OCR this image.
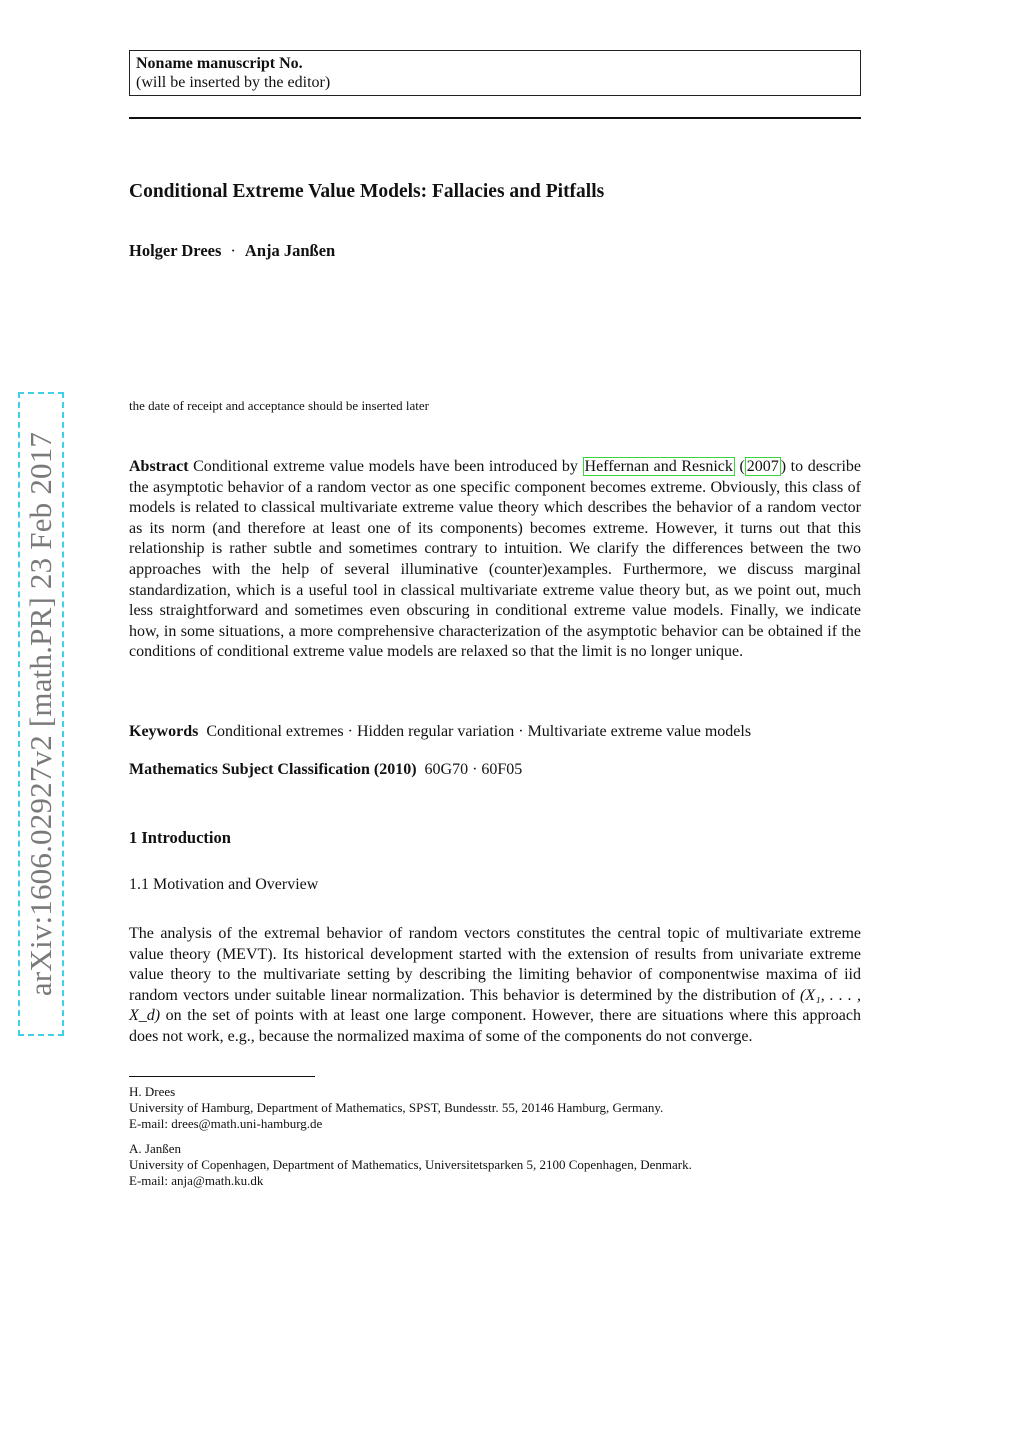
arXiv:1606.02927v2 [math.PR] 23 Feb 2017
Noname manuscript No.
(will be inserted by the editor)
Conditional Extreme Value Models: Fallacies and Pitfalls
Holger Drees · Anja Janßen
the date of receipt and acceptance should be inserted later
Abstract Conditional extreme value models have been introduced by Heffernan and Resnick ( 2007 ) to describe the asymptotic behavior of a random vector as one specific component becomes extreme. Obviously, this class of models is related to classical multivariate extreme value theory which describes the behavior of a random vector as its norm (and therefore at least one of its components) becomes extreme. However, it turns out that this relationship is rather subtle and sometimes contrary to intuition. We clarify the differences between the two approaches with the help of several illuminative (counter)examples. Furthermore, we discuss marginal standardization, which is a useful tool in classical multivariate extreme value theory but, as we point out, much less straightforward and sometimes even obscuring in conditional extreme value models. Finally, we indicate how, in some situations, a more comprehensive characterization of the asymptotic behavior can be obtained if the conditions of conditional extreme value models are relaxed so that the limit is no longer unique.
Keywords Conditional extremes · Hidden regular variation · Multivariate extreme value models
Mathematics Subject Classification (2010) 60G70 · 60F05
1 Introduction
1.1 Motivation and Overview
The analysis of the extremal behavior of random vectors constitutes the central topic of multivariate extreme value theory (MEVT). Its historical development started with the extension of results from univariate extreme value theory to the multivariate setting by describing the limiting behavior of componentwise maxima of iid random vectors under suitable linear normalization. This behavior is determined by the distribution of (X₁, . . . , X_d) on the set of points with at least one large component. However, there are situations where this approach does not work, e.g., because the normalized maxima of some of the components do not converge.
H. Drees
University of Hamburg, Department of Mathematics, SPST, Bundesstr. 55, 20146 Hamburg, Germany.
E-mail: drees@math.uni-hamburg.de
A. Janßen
University of Copenhagen, Department of Mathematics, Universitetsparken 5, 2100 Copenhagen, Denmark.
E-mail: anja@math.ku.dk
